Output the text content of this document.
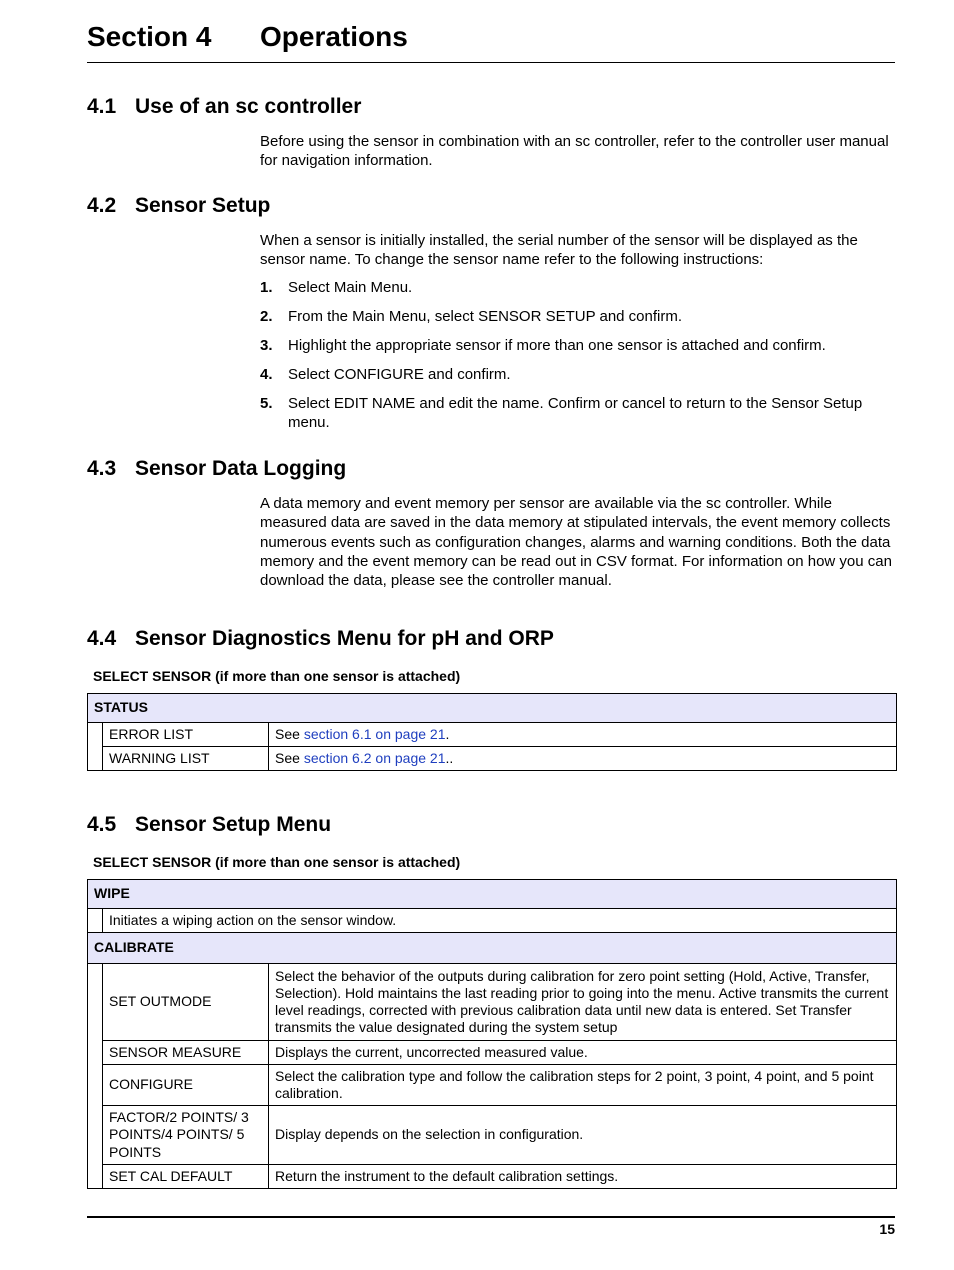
Section 4 Operations
4.1 Use of an sc controller

Before using the sensor in combination with an sc controller, refer to the controller user manual for navigation information.

4.2 Sensor Setup

When a sensor is initially installed, the serial number of the sensor will be displayed as the sensor name. To change the sensor name refer to the following instructions:

1. Select Main Menu.
2. From the Main Menu, select SENSOR SETUP and confirm.
3. Highlight the appropriate sensor if more than one sensor is attached and confirm.
4. Select CONFIGURE and confirm.
5. Select EDIT NAME and edit the name. Confirm or cancel to return to the Sensor Setup menu.
4.3 Sensor Data Logging

A data memory and event memory per sensor are available via the sc controller. While measured data are saved in the data memory at stipulated intervals, the event memory collects numerous events such as configuration changes, alarms and warning conditions. Both the data memory and the event memory can be read out in CSV format. For information on how you can download the data, please see the controller manual.

4.4 Sensor Diagnostics Menu for pH and ORP
SELECT SENSOR (if more than one sensor is attached)
STATUS		
	ERROR LIST	See section 6.1 on page 21.
	WARNING LIST	See section 6.2 on page 21..
4.5 Sensor Setup Menu
SELECT SENSOR (if more than one sensor is attached)
WIPE		
	Initiates a wiping action on the sensor window.	
CALIBRATE		
	SET OUTMODE	Select the behavior of the outputs during calibration for zero point setting (Hold, Active, Transfer, Selection). Hold maintains the last reading prior to going into the menu. Active transmits the current level readings, corrected with previous calibration data until new data is entered. Set Transfer transmits the value designated during the system setup
	SENSOR MEASURE	Displays the current, uncorrected measured value.
	CONFIGURE	Select the calibration type and follow the calibration steps for 2 point, 3 point, 4 point, and 5 point calibration.
	FACTOR/2 POINTS/ 3 POINTS/4 POINTS/ 5 POINTS	Display depends on the selection in configuration.
	SET CAL DEFAULT	Return the instrument to the default calibration settings.
15
